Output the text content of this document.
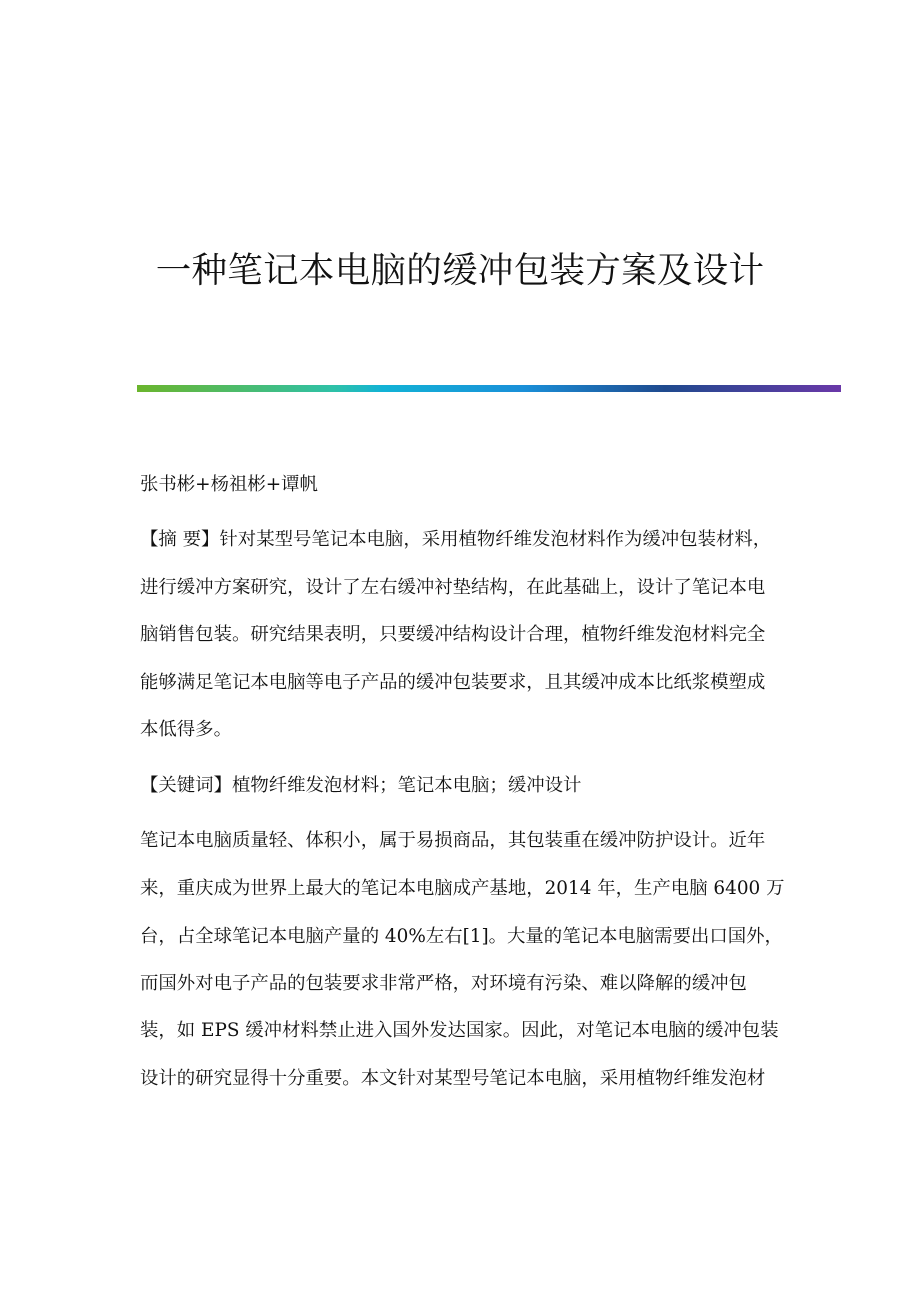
一种笔记本电脑的缓冲包装方案及设计
张书彬+杨祖彬+谭帆
【摘 要】针对某型号笔记本电脑，采用植物纤维发泡材料作为缓冲包装材料，
进行缓冲方案研究，设计了左右缓冲衬垫结构，在此基础上，设计了笔记本电
脑销售包装。研究结果表明，只要缓冲结构设计合理，植物纤维发泡材料完全
能够满足笔记本电脑等电子产品的缓冲包装要求，且其缓冲成本比纸浆模塑成
本低得多。
【关键词】植物纤维发泡材料；笔记本电脑；缓冲设计
笔记本电脑质量轻、体积小，属于易损商品，其包装重在缓冲防护设计。近年
来，重庆成为世界上最大的笔记本电脑成产基地，2014 年，生产电脑 6400 万
台，占全球笔记本电脑产量的 40%左右[1]。大量的笔记本电脑需要出口国外，
而国外对电子产品的包装要求非常严格，对环境有污染、难以降解的缓冲包
装，如 EPS 缓冲材料禁止进入国外发达国家。因此，对笔记本电脑的缓冲包装
设计的研究显得十分重要。本文针对某型号笔记本电脑，采用植物纤维发泡材
